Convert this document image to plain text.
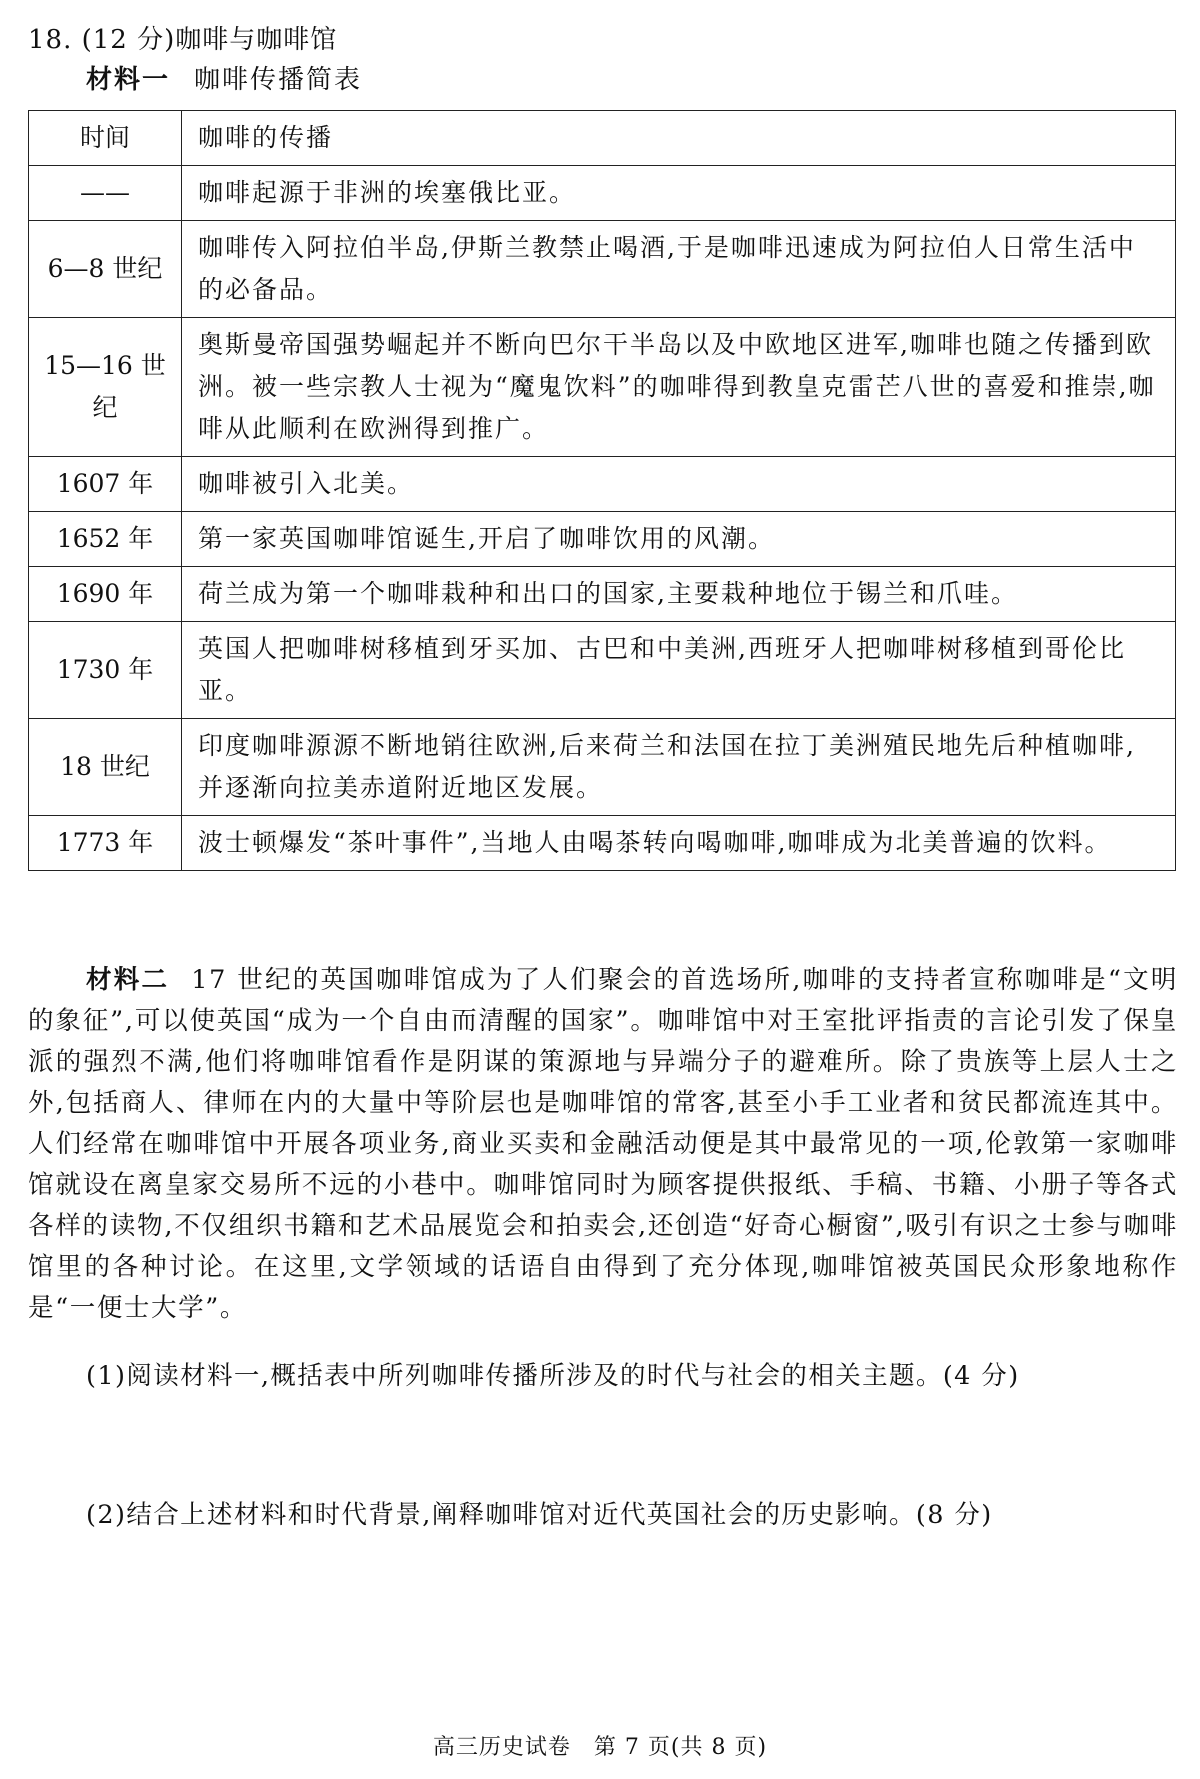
18. (12 分)咖啡与咖啡馆
材料一 咖啡传播简表
时间	咖啡的传播
——	咖啡起源于非洲的埃塞俄比亚。
6—8 世纪	咖啡传入阿拉伯半岛,伊斯兰教禁止喝酒,于是咖啡迅速成为阿拉伯人日常生活中的必备品。
15—16 世纪	奥斯曼帝国强势崛起并不断向巴尔干半岛以及中欧地区进军,咖啡也随之传播到欧洲。被一些宗教人士视为“魔鬼饮料”的咖啡得到教皇克雷芒八世的喜爱和推崇,咖啡从此顺利在欧洲得到推广。
1607 年	咖啡被引入北美。
1652 年	第一家英国咖啡馆诞生,开启了咖啡饮用的风潮。
1690 年	荷兰成为第一个咖啡栽种和出口的国家,主要栽种地位于锡兰和爪哇。
1730 年	英国人把咖啡树移植到牙买加、古巴和中美洲,西班牙人把咖啡树移植到哥伦比亚。
18 世纪	印度咖啡源源不断地销往欧洲,后来荷兰和法国在拉丁美洲殖民地先后种植咖啡,并逐渐向拉美赤道附近地区发展。
1773 年	波士顿爆发“茶叶事件”,当地人由喝茶转向喝咖啡,咖啡成为北美普遍的饮料。

材料二 17 世纪的英国咖啡馆成为了人们聚会的首选场所,咖啡的支持者宣称咖啡是“文明的象征”,可以使英国“成为一个自由而清醒的国家”。咖啡馆中对王室批评指责的言论引发了保皇派的强烈不满,他们将咖啡馆看作是阴谋的策源地与异端分子的避难所。除了贵族等上层人士之外,包括商人、律师在内的大量中等阶层也是咖啡馆的常客,甚至小手工业者和贫民都流连其中。人们经常在咖啡馆中开展各项业务,商业买卖和金融活动便是其中最常见的一项,伦敦第一家咖啡馆就设在离皇家交易所不远的小巷中。咖啡馆同时为顾客提供报纸、手稿、书籍、小册子等各式各样的读物,不仅组织书籍和艺术品展览会和拍卖会,还创造“好奇心橱窗”,吸引有识之士参与咖啡馆里的各种讨论。在这里,文学领域的话语自由得到了充分体现,咖啡馆被英国民众形象地称作是“一便士大学”。

(1)阅读材料一,概括表中所列咖啡传播所涉及的时代与社会的相关主题。(4 分)
(2)结合上述材料和时代背景,阐释咖啡馆对近代英国社会的历史影响。(8 分)
高三历史试卷　第 7 页(共 8 页)
